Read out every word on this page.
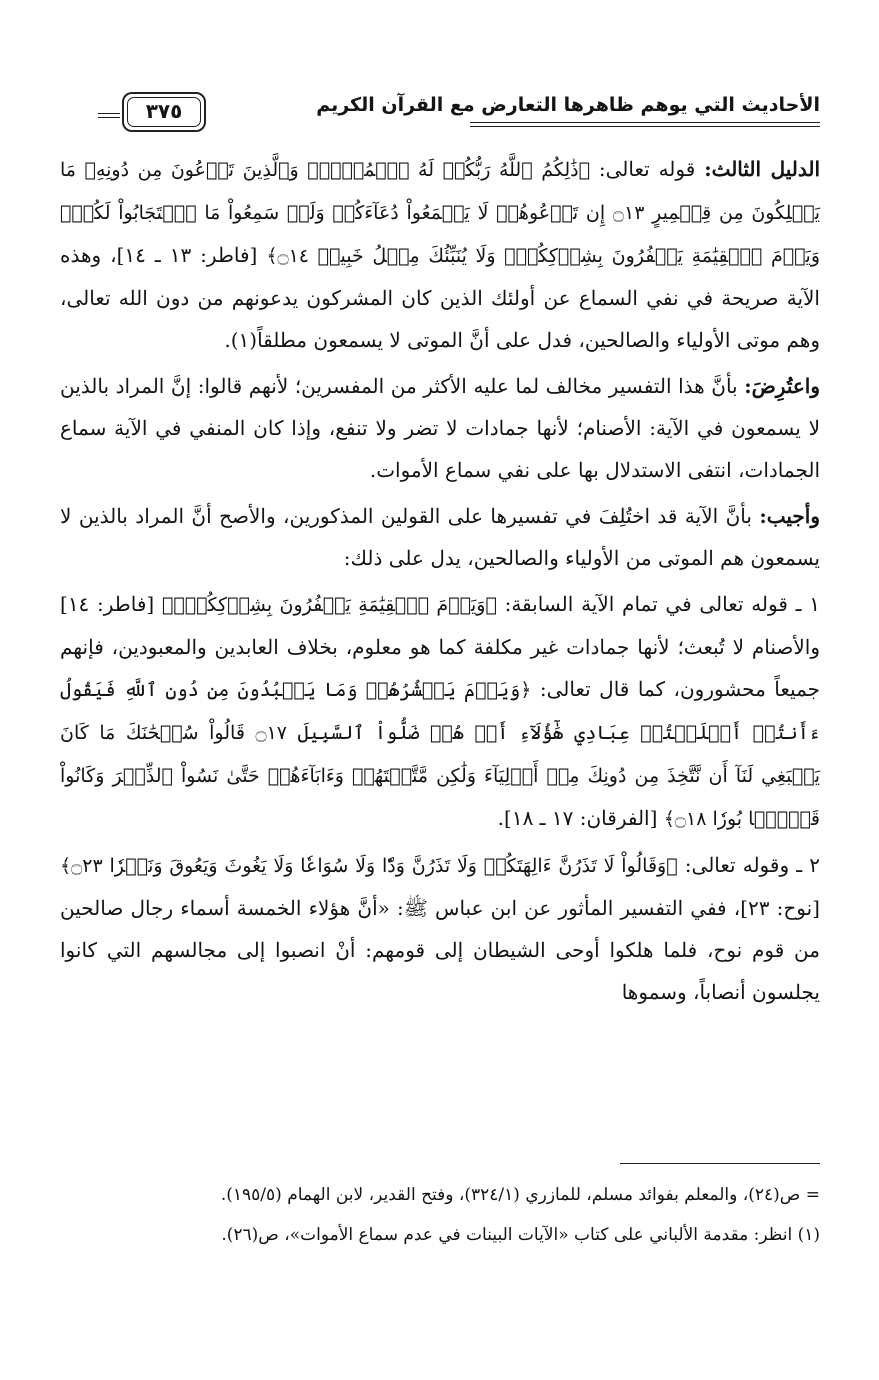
٣٧٥	الأحاديث التي يوهم ظاهرها التعارض مع القرآن الكريم

الدليل الثالث: قوله تعالى: ﴿ذَٰلِكُمُ ٱللَّهُ رَبُّكُمۡ لَهُ ٱلۡمُلۡكُۚ وَٱلَّذِينَ تَدۡعُونَ مِن دُونِهِۦ مَا يَمۡلِكُونَ مِن قِطۡمِيرٍ ۝١٣ إِن تَدۡعُوهُمۡ لَا يَسۡمَعُواْ دُعَآءَكُمۡ وَلَوۡ سَمِعُواْ مَا ٱسۡتَجَابُواْ لَكُمۡۖ وَيَوۡمَ ٱلۡقِيَٰمَةِ يَكۡفُرُونَ بِشِرۡكِكُمۡۚ وَلَا يُنَبِّئُكَ مِثۡلُ خَبِيرٖ ۝١٤﴾ [فاطر: ١٣ ـ ١٤]، وهذه الآية صريحة في نفي السماع عن أولئك الذين كان المشركون يدعونهم من دون الله تعالى، وهم موتى الأولياء والصالحين، فدل على أنَّ الموتى لا يسمعون مطلقاً(١).

واعتُرِضَ: بأنَّ هذا التفسير مخالف لما عليه الأكثر من المفسرين؛ لأنهم قالوا: إنَّ المراد بالذين لا يسمعون في الآية: الأصنام؛ لأنها جمادات لا تضر ولا تنفع، وإذا كان المنفي في الآية سماع الجمادات، انتفى الاستدلال بها على نفي سماع الأموات.

وأجيب: بأنَّ الآية قد اختُلِفَ في تفسيرها على القولين المذكورين، والأصح أنَّ المراد بالذين لا يسمعون هم الموتى من الأولياء والصالحين، يدل على ذلك:

١ ـ قوله تعالى في تمام الآية السابقة: ﴿وَيَوۡمَ ٱلۡقِيَٰمَةِ يَكۡفُرُونَ بِشِرۡكِكُمۡۚ﴾ [فاطر: ١٤] والأصنام لا تُبعث؛ لأنها جمادات غير مكلفة كما هو معلوم، بخلاف العابدين والمعبودين، فإنهم جميعاً محشورون، كما قال تعالى: ﴿وَيَوۡمَ يَحۡشُرُهُمۡ وَمَا يَعۡبُدُونَ مِن دُونِ ٱللَّهِ فَيَقُولُ ءَأَنتُمۡ أَضۡلَلۡتُمۡ عِبَادِي هَٰٓؤُلَآءِ أَمۡ هُمۡ ضَلُّواْ ٱلسَّبِيلَ ۝١٧ قَالُواْ سُبۡحَٰنَكَ مَا كَانَ يَنۢبَغِي لَنَآ أَن نَّتَّخِذَ مِن دُونِكَ مِنۡ أَوۡلِيَآءَ وَلَٰكِن مَّتَّعۡتَهُمۡ وَءَابَآءَهُمۡ حَتَّىٰ نَسُواْ ٱلذِّكۡرَ وَكَانُواْ قَوۡمَۢا بُورٗا ۝١٨﴾ [الفرقان: ١٧ ـ ١٨].

٢ ـ وقوله تعالى: ﴿وَقَالُواْ لَا تَذَرُنَّ ءَالِهَتَكُمۡ وَلَا تَذَرُنَّ وَدّٗا وَلَا سُوَاعٗا وَلَا يَغُوثَ وَيَعُوقَ وَنَسۡرٗا ۝٢٣﴾ [نوح: ٢٣]، ففي التفسير المأثور عن ابن عباس ﷺ: «أنَّ هؤلاء الخمسة أسماء رجال صالحين من قوم نوح، فلما هلكوا أوحى الشيطان إلى قومهم: أنْ انصبوا إلى مجالسهم التي كانوا يجلسون أنصاباً، وسموها

= ص(٢٤)، والمعلم بفوائد مسلم، للمازري (٣٢٤/١)، وفتح القدير، لابن الهمام (١٩٥/٥).

(١) انظر: مقدمة الألباني على كتاب «الآيات البينات في عدم سماع الأموات»، ص(٢٦).
